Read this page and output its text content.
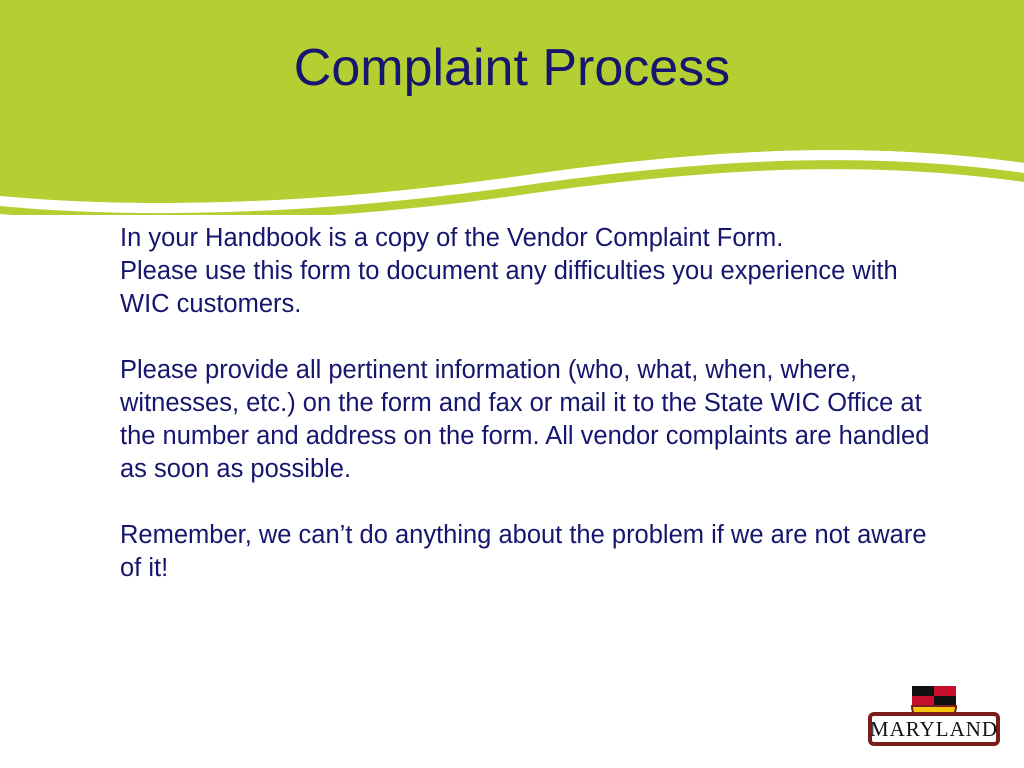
Complaint Process

In your Handbook is a copy of the Vendor Complaint Form.

Please use this form to document any difficulties you experience with WIC customers.

Please provide all pertinent information (who, what, when, where, witnesses, etc.) on the form and fax or mail it to the State WIC Office at the number and address on the form. All vendor complaints are handled as soon as possible.

Remember, we can’t do anything about the problem if we are not aware of it!

MARYLAND
